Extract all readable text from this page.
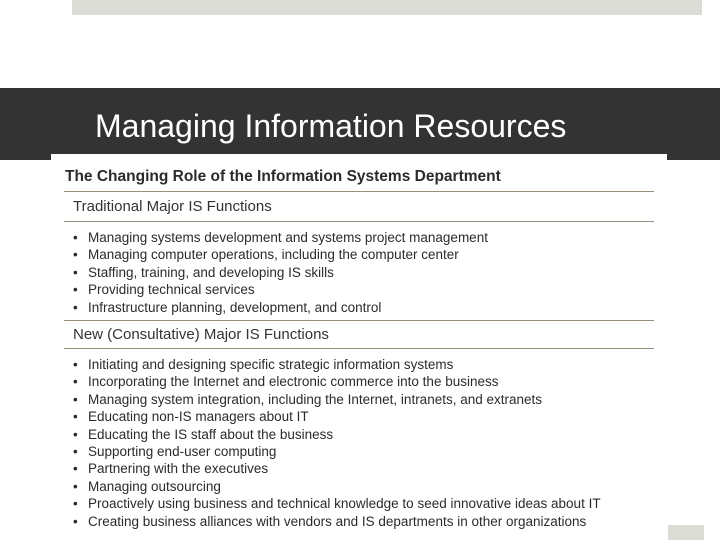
Managing Information Resources
The Changing Role of the Information Systems Department
Traditional Major IS Functions
• Managing systems development and systems project management
• Managing computer operations, including the computer center
• Staffing, training, and developing IS skills
• Providing technical services
• Infrastructure planning, development, and control
New (Consultative) Major IS Functions
• Initiating and designing specific strategic information systems
• Incorporating the Internet and electronic commerce into the business
• Managing system integration, including the Internet, intranets, and extranets
• Educating non-IS managers about IT
• Educating the IS staff about the business
• Supporting end-user computing
• Partnering with the executives
• Managing outsourcing
• Proactively using business and technical knowledge to seed innovative ideas about IT
• Creating business alliances with vendors and IS departments in other organizations
